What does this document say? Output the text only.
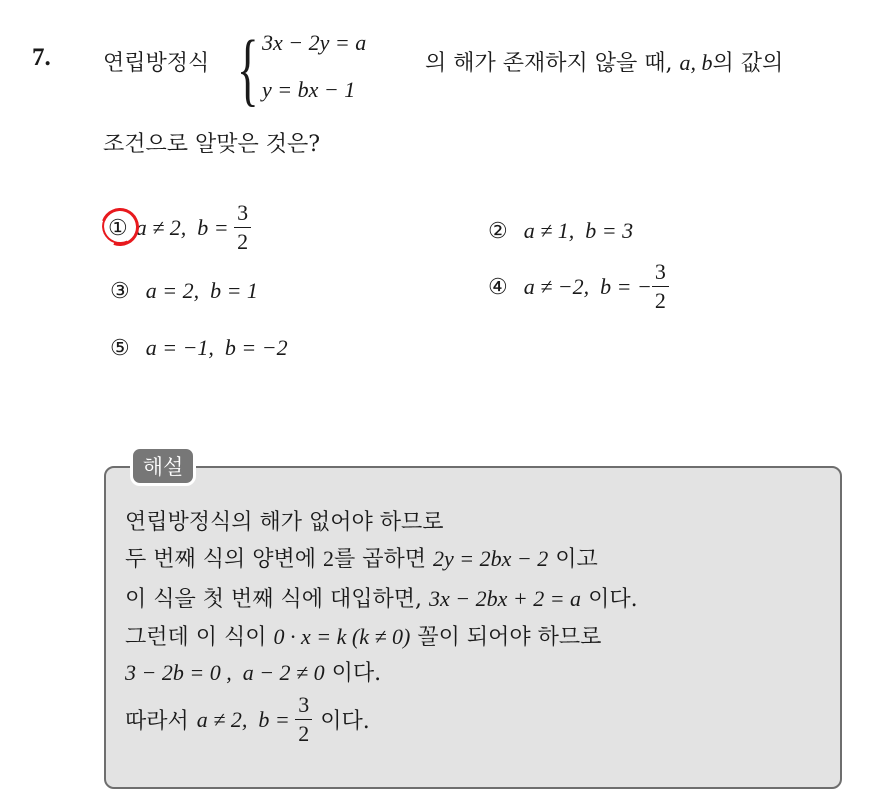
7. 연립방정식 { 3x − 2y = a
y = bx − 1
의 해가 존재하지 않을 때, a, b의 값의
조건으로 알맞은 것은?
① a ≠ 2,  $b = \frac{3}{2}$	② a ≠ 1,  b = 3
③ a = 2,  b = 1	④ a ≠ −2,  b = − $\frac{3}{2}$
⑤ a = −1,  b = −2
해설
연립방정식의 해가 없어야 하므로
두 번째 식의 양변에 2를 곱하면 2y = 2bx − 2 이고
이 식을 첫 번째 식에 대입하면, 3x − 2bx + 2 = a 이다.
그런데 이 식이 0 · x = k (k ≠ 0) 꼴이 되어야 하므로
3 − 2b = 0 ,  a − 2 ≠ 0 이다.
따라서 a ≠ 2,  $b = \frac{3}{2}$ 이다.
